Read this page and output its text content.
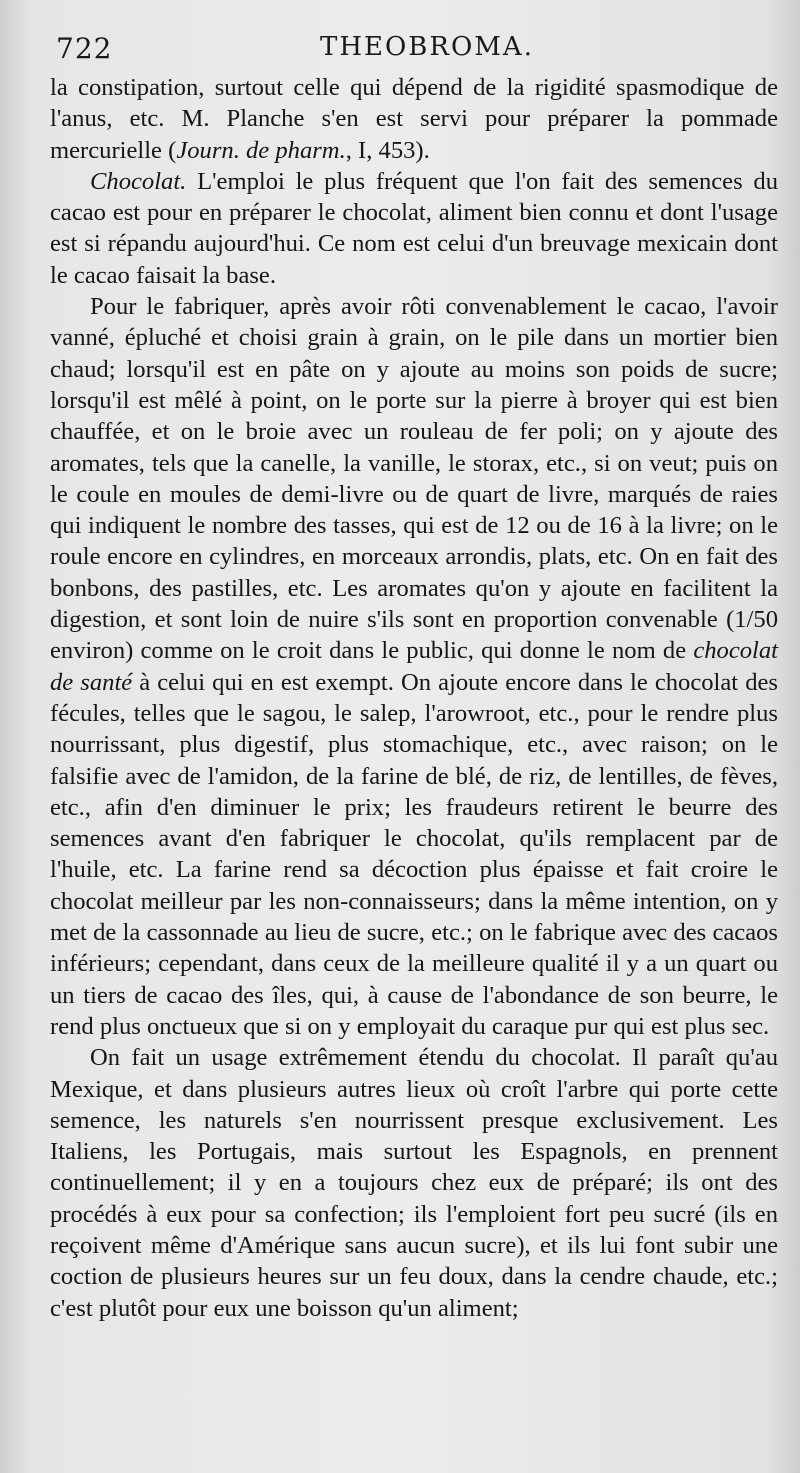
722	THEOBROMA.

la constipation, surtout celle qui dépend de la rigidité spasmodique de l'anus, etc. M. Planche s'en est servi pour préparer la pommade mercurielle (Journ. de pharm., I, 453).

Chocolat. L'emploi le plus fréquent que l'on fait des semences du cacao est pour en préparer le chocolat, aliment bien connu et dont l'usage est si répandu aujourd'hui. Ce nom est celui d'un breuvage mexicain dont le cacao faisait la base.

Pour le fabriquer, après avoir rôti convenablement le cacao, l'avoir vanné, épluché et choisi grain à grain, on le pile dans un mortier bien chaud; lorsqu'il est en pâte on y ajoute au moins son poids de sucre; lorsqu'il est mêlé à point, on le porte sur la pierre à broyer qui est bien chauffée, et on le broie avec un rouleau de fer poli; on y ajoute des aromates, tels que la canelle, la vanille, le storax, etc., si on veut; puis on le coule en moules de demi-livre ou de quart de livre, marqués de raies qui indiquent le nombre des tasses, qui est de 12 ou de 16 à la livre; on le roule encore en cylindres, en morceaux arrondis, plats, etc. On en fait des bonbons, des pastilles, etc. Les aromates qu'on y ajoute en facilitent la digestion, et sont loin de nuire s'ils sont en proportion convenable (1/50 environ) comme on le croit dans le public, qui donne le nom de chocolat de santé à celui qui en est exempt. On ajoute encore dans le chocolat des fécules, telles que le sagou, le salep, l'arowroot, etc., pour le rendre plus nourrissant, plus digestif, plus stomachique, etc., avec raison; on le falsifie avec de l'amidon, de la farine de blé, de riz, de lentilles, de fèves, etc., afin d'en diminuer le prix; les fraudeurs retirent le beurre des semences avant d'en fabriquer le chocolat, qu'ils remplacent par de l'huile, etc. La farine rend sa décoction plus épaisse et fait croire le chocolat meilleur par les non-connaisseurs; dans la même intention, on y met de la cassonnade au lieu de sucre, etc.; on le fabrique avec des cacaos inférieurs; cependant, dans ceux de la meilleure qualité il y a un quart ou un tiers de cacao des îles, qui, à cause de l'abondance de son beurre, le rend plus onctueux que si on y employait du caraque pur qui est plus sec.

On fait un usage extrêmement étendu du chocolat. Il paraît qu'au Mexique, et dans plusieurs autres lieux où croît l'arbre qui porte cette semence, les naturels s'en nourrissent presque exclusivement. Les Italiens, les Portugais, mais surtout les Espagnols, en prennent continuellement; il y en a toujours chez eux de préparé; ils ont des procédés à eux pour sa confection; ils l'emploient fort peu sucré (ils en reçoivent même d'Amérique sans aucun sucre), et ils lui font subir une coction de plusieurs heures sur un feu doux, dans la cendre chaude, etc.; c'est plutôt pour eux une boisson qu'un aliment;
